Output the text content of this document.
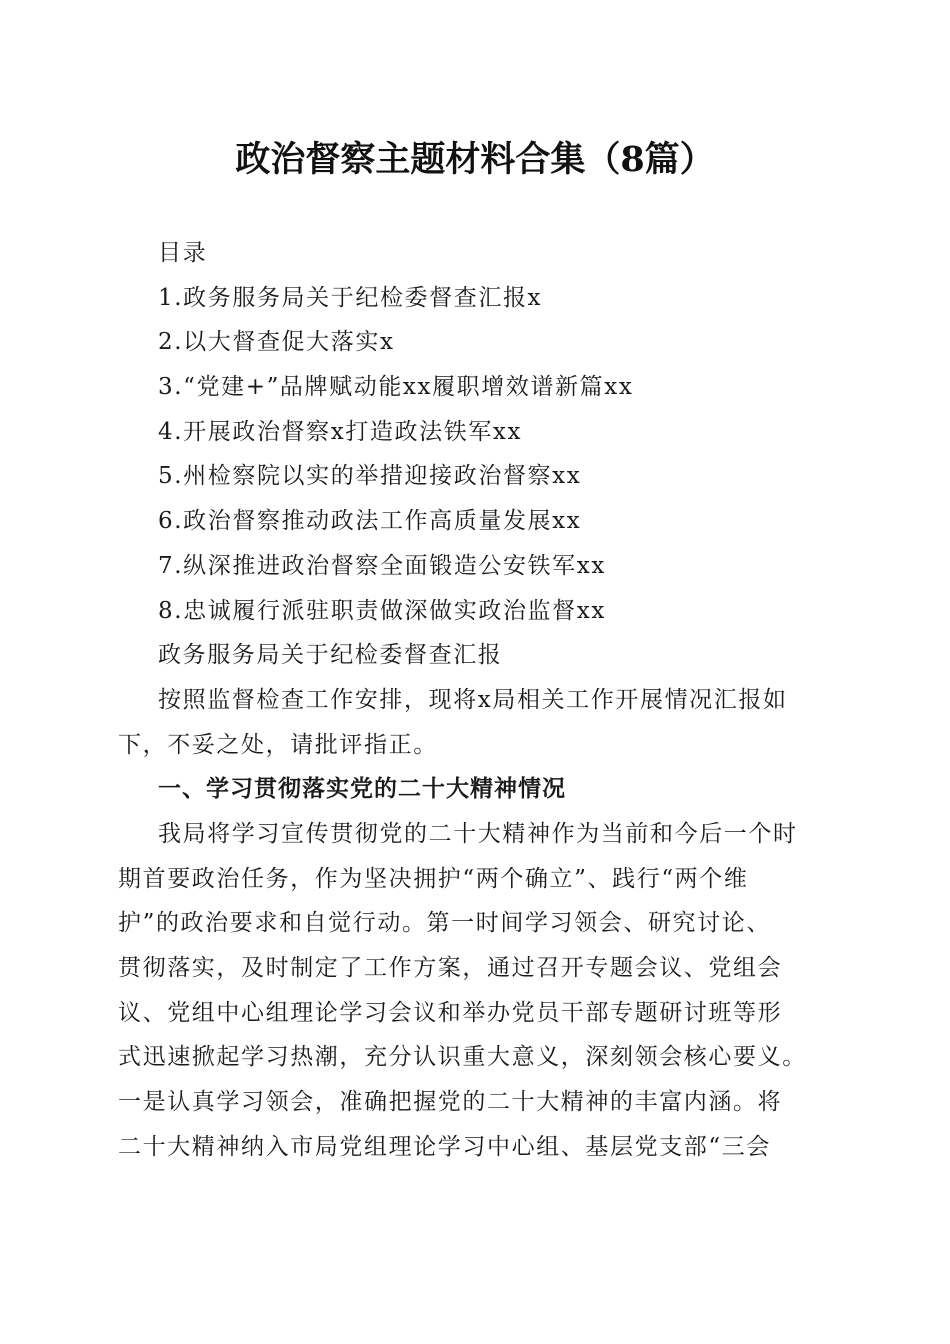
政治督察主题材料合集（8篇）
目录
1.政务服务局关于纪检委督查汇报x
2.以大督查促大落实x
3.“党建+”品牌赋动能xx履职增效谱新篇xx
4.开展政治督察x打造政法铁军xx
5.州检察院以实的举措迎接政治督察xx
6.政治督察推动政法工作高质量发展xx
7.纵深推进政治督察全面锻造公安铁军xx
8.忠诚履行派驻职责做深做实政治监督xx
政务服务局关于纪检委督查汇报
按照监督检查工作安排，现将x局相关工作开展情况汇报如
下，不妥之处，请批评指正。
一、学习贯彻落实党的二十大精神情况
我局将学习宣传贯彻党的二十大精神作为当前和今后一个时
期首要政治任务，作为坚决拥护“两个确立”、践行“两个维
护”的政治要求和自觉行动。第一时间学习领会、研究讨论、
贯彻落实，及时制定了工作方案，通过召开专题会议、党组会
议、党组中心组理论学习会议和举办党员干部专题研讨班等形
式迅速掀起学习热潮，充分认识重大意义，深刻领会核心要义。
一是认真学习领会，准确把握党的二十大精神的丰富内涵。将
二十大精神纳入市局党组理论学习中心组、基层党支部“三会
